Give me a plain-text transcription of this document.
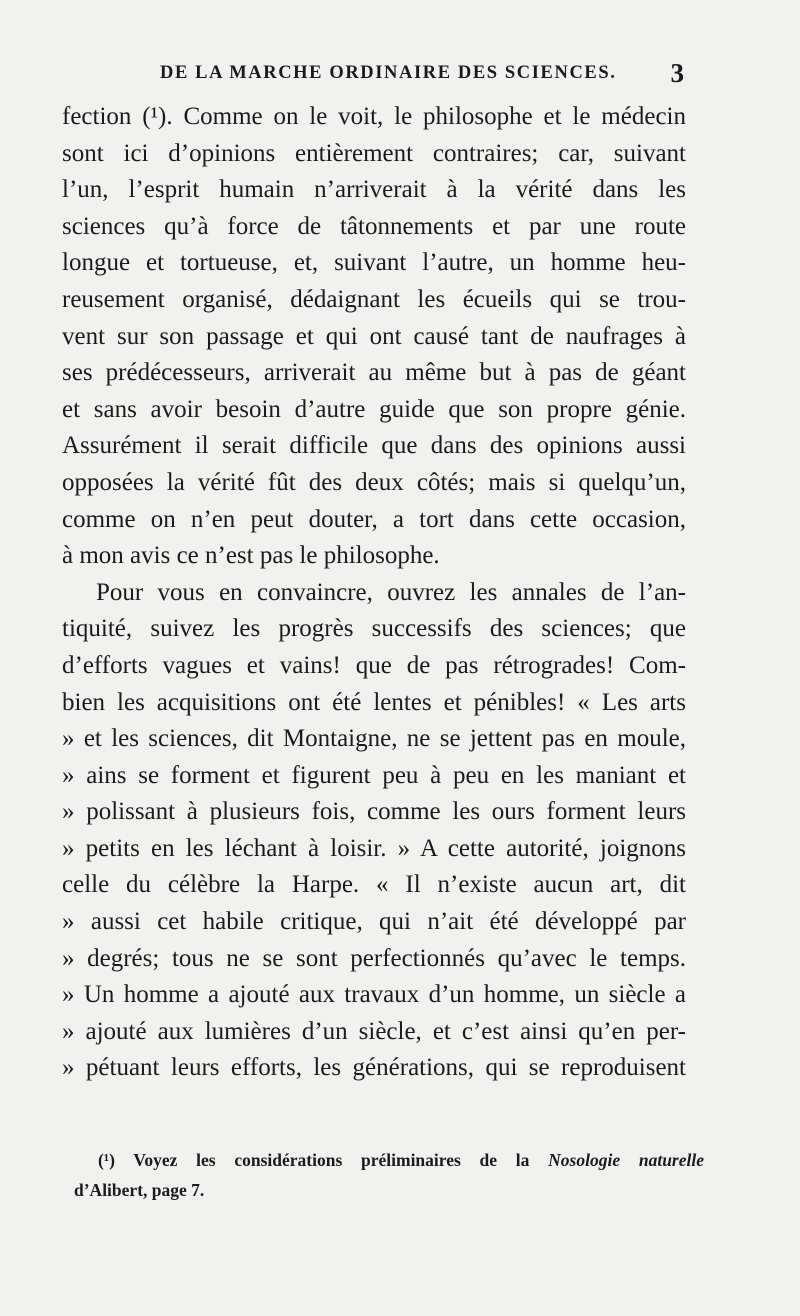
DE LA MARCHE ORDINAIRE DES SCIENCES. 3
fection (¹). Comme on le voit, le philosophe et le médecin
sont ici d’opinions entièrement contraires; car, suivant
l’un, l’esprit humain n’arriverait à la vérité dans les
sciences qu’à force de tâtonnements et par une route
longue et tortueuse, et, suivant l’autre, un homme heu-
reusement organisé, dédaignant les écueils qui se trou-
vent sur son passage et qui ont causé tant de naufrages à
ses prédécesseurs, arriverait au même but à pas de géant
et sans avoir besoin d’autre guide que son propre génie.
Assurément il serait difficile que dans des opinions aussi
opposées la vérité fût des deux côtés; mais si quelqu’un,
comme on n’en peut douter, a tort dans cette occasion,
à mon avis ce n’est pas le philosophe.
Pour vous en convaincre, ouvrez les annales de l’an-
tiquité, suivez les progrès successifs des sciences; que
d’efforts vagues et vains! que de pas rétrogrades! Com-
bien les acquisitions ont été lentes et pénibles! « Les arts
» et les sciences, dit Montaigne, ne se jettent pas en moule,
» ains se forment et figurent peu à peu en les maniant et
» polissant à plusieurs fois, comme les ours forment leurs
» petits en les léchant à loisir. » A cette autorité, joignons
celle du célèbre la Harpe. « Il n’existe aucun art, dit
» aussi cet habile critique, qui n’ait été développé par
» degrés; tous ne se sont perfectionnés qu’avec le temps.
» Un homme a ajouté aux travaux d’un homme, un siècle a
» ajouté aux lumières d’un siècle, et c’est ainsi qu’en per-
» pétuant leurs efforts, les générations, qui se reproduisent
(¹) Voyez les considérations préliminaires de la Nosologie naturelle
d’Alibert, page 7.
